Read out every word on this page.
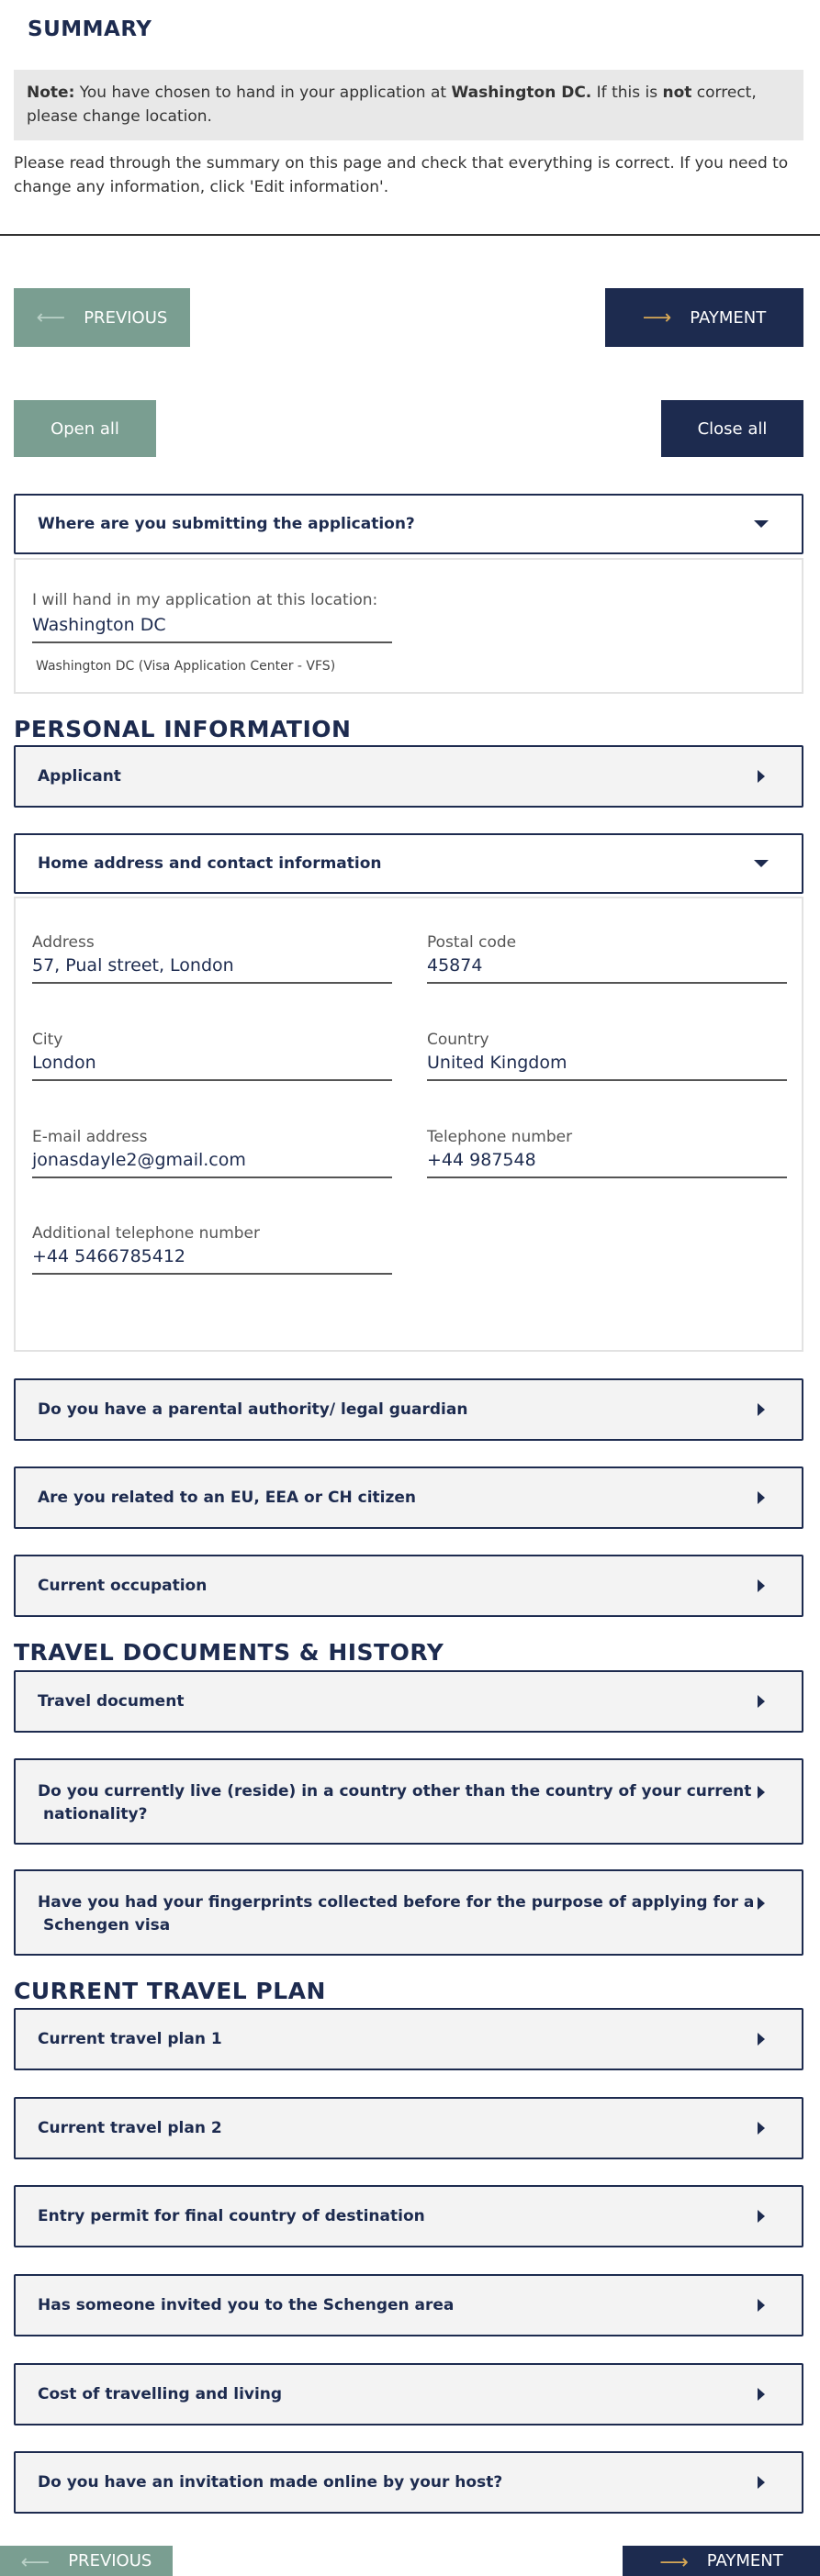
SUMMARY
Note: You have chosen to hand in your application at Washington DC. If this is not correct, please change location.
Please read through the summary on this page and check that everything is correct. If you need to change any information, click 'Edit information'.
⟵ PREVIOUS	⟶ PAYMENT
Open all	Close all
Where are you submitting the application?
I will hand in my application at this location:
Washington DC
Washington DC (Visa Application Center - VFS)
PERSONAL INFORMATION
Applicant
Home address and contact information
Address
57, Pual street, London
Postal code
45874
City
London
Country
United Kingdom
E-mail address
jonasdayle2@gmail.com
Telephone number
+44 987548
Additional telephone number
+44 5466785412
Do you have a parental authority/ legal guardian
Are you related to an EU, EEA or CH citizen
Current occupation
TRAVEL DOCUMENTS & HISTORY
Travel document
Do you currently live (reside) in a country other than the country of your current
nationality?
Have you had your fingerprints collected before for the purpose of applying for a
Schengen visa
CURRENT TRAVEL PLAN
Current travel plan 1
Current travel plan 2
Entry permit for final country of destination
Has someone invited you to the Schengen area
Cost of travelling and living
Do you have an invitation made online by your host?
⟵ PREVIOUS	⟶ PAYMENT
